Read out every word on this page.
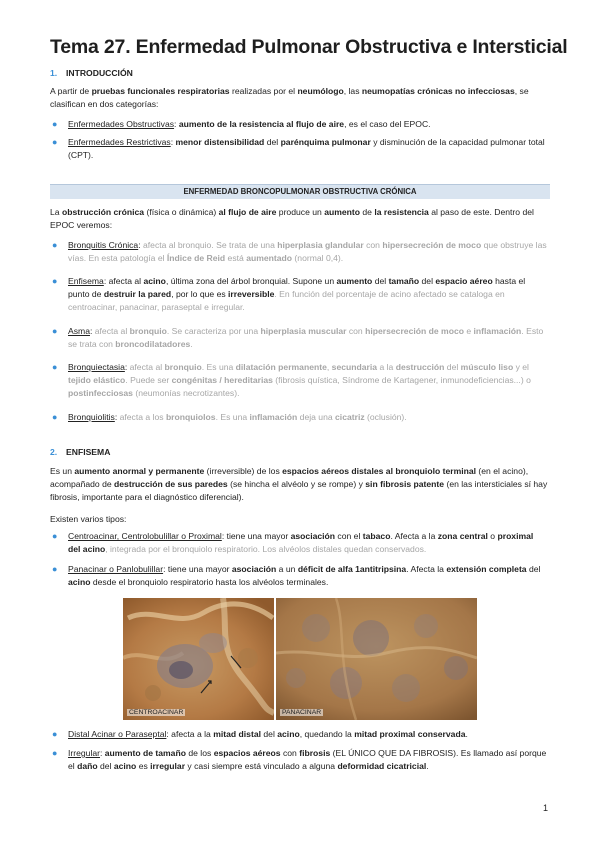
Tema 27. Enfermedad Pulmonar Obstructiva e Intersticial
1. INTRODUCCIÓN

A partir de pruebas funcionales respiratorias realizadas por el neumólogo, las neumopatías crónicas no infecciosas, se clasifican en dos categorías:

● Enfermedades Obstructivas: aumento de la resistencia al flujo de aire, es el caso del EPOC.
● Enfermedades Restrictivas: menor distensibilidad del parénquima pulmonar y disminución de la capacidad pulmonar total (CPT).
ENFERMEDAD BRONCOPULMONAR OBSTRUCTIVA CRÓNICA

La obstrucción crónica (física o dinámica) al flujo de aire produce un aumento de la resistencia al paso de este. Dentro del EPOC veremos:

● Bronquitis Crónica: afecta al bronquio. Se trata de una hiperplasia glandular con hipersecreción de moco que obstruye las vías. En esta patología el Índice de Reid está aumentado (normal 0,4).
● Enfisema: afecta al acino, última zona del árbol bronquial. Supone un aumento del tamaño del espacio aéreo hasta el punto de destruir la pared, por lo que es irreversible. En función del porcentaje de acino afectado se cataloga en centroacinar, panacinar, paraseptal e irregular.
● Asma: afecta al bronquio. Se caracteriza por una hiperplasia muscular con hipersecreción de moco e inflamación. Esto se trata con broncodilatadores.
● Bronquiectasia: afecta al bronquio. Es una dilatación permanente, secundaria a la destrucción del músculo liso y el tejido elástico. Puede ser congénitas / hereditarias (fibrosis quística, Síndrome de Kartagener, inmunodeficiencias...) o postinfecciosas (neumonías necrotizantes).
● Bronquiolitis: afecta a los bronquiolos. Es una inflamación deja una cicatriz (oclusión).
2. ENFISEMA

Es un aumento anormal y permanente (irreversible) de los espacios aéreos distales al bronquiolo terminal (en el acino), acompañado de destrucción de sus paredes (se hincha el alvéolo y se rompe) y sin fibrosis patente (en las intersticiales sí hay fibrosis, importante para el diagnóstico diferencial).

Existen varios tipos:

● Centroacinar, Centrolobulillar o Proximal: tiene una mayor asociación con el tabaco. Afecta a la zona central o proximal del acino, integrada por el bronquiolo respiratorio. Los alvéolos distales quedan conservados.
● Panacinar o Panlobulillar: tiene una mayor asociación a un déficit de alfa 1antitripsina. Afecta la extensión completa del acino desde el bronquiolo respiratorio hasta los alvéolos terminales.
CENTROACINAR	PANACINAR
● Distal Acinar o Paraseptal: afecta a la mitad distal del acino, quedando la mitad proximal conservada.
● Irregular: aumento de tamaño de los espacios aéreos con fibrosis (EL ÚNICO QUE DA FIBROSIS). Es llamado así porque el daño del acino es irregular y casi siempre está vinculado a alguna deformidad cicatricial.
1
